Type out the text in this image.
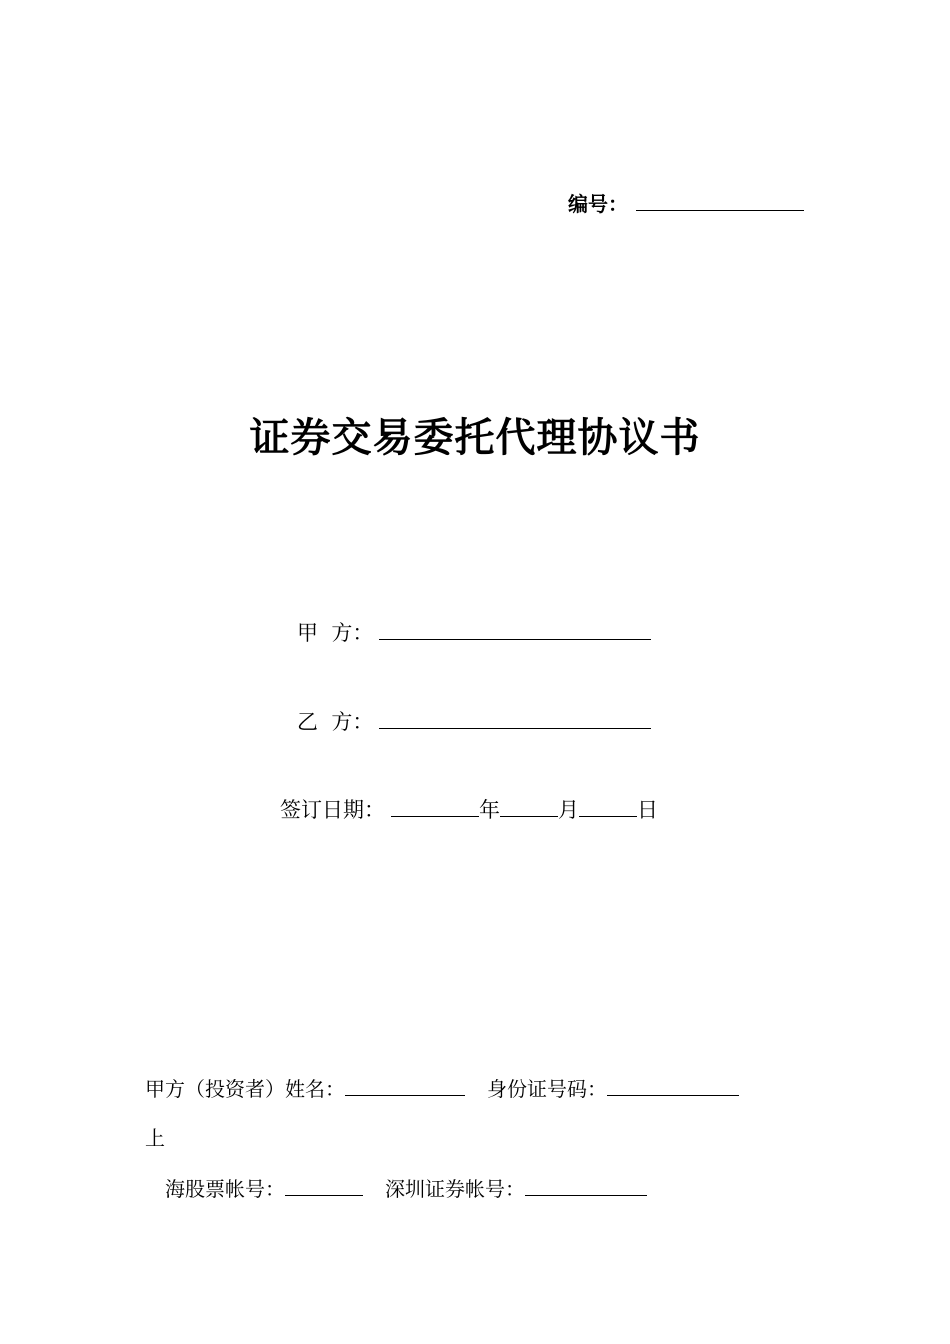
编号：
证券交易委托代理协议书
甲  方：
乙  方：
签订日期：	年	月	日
甲方（投资者）姓名：	身份证号码：
上
海股票帐号：	深圳证券帐号：
